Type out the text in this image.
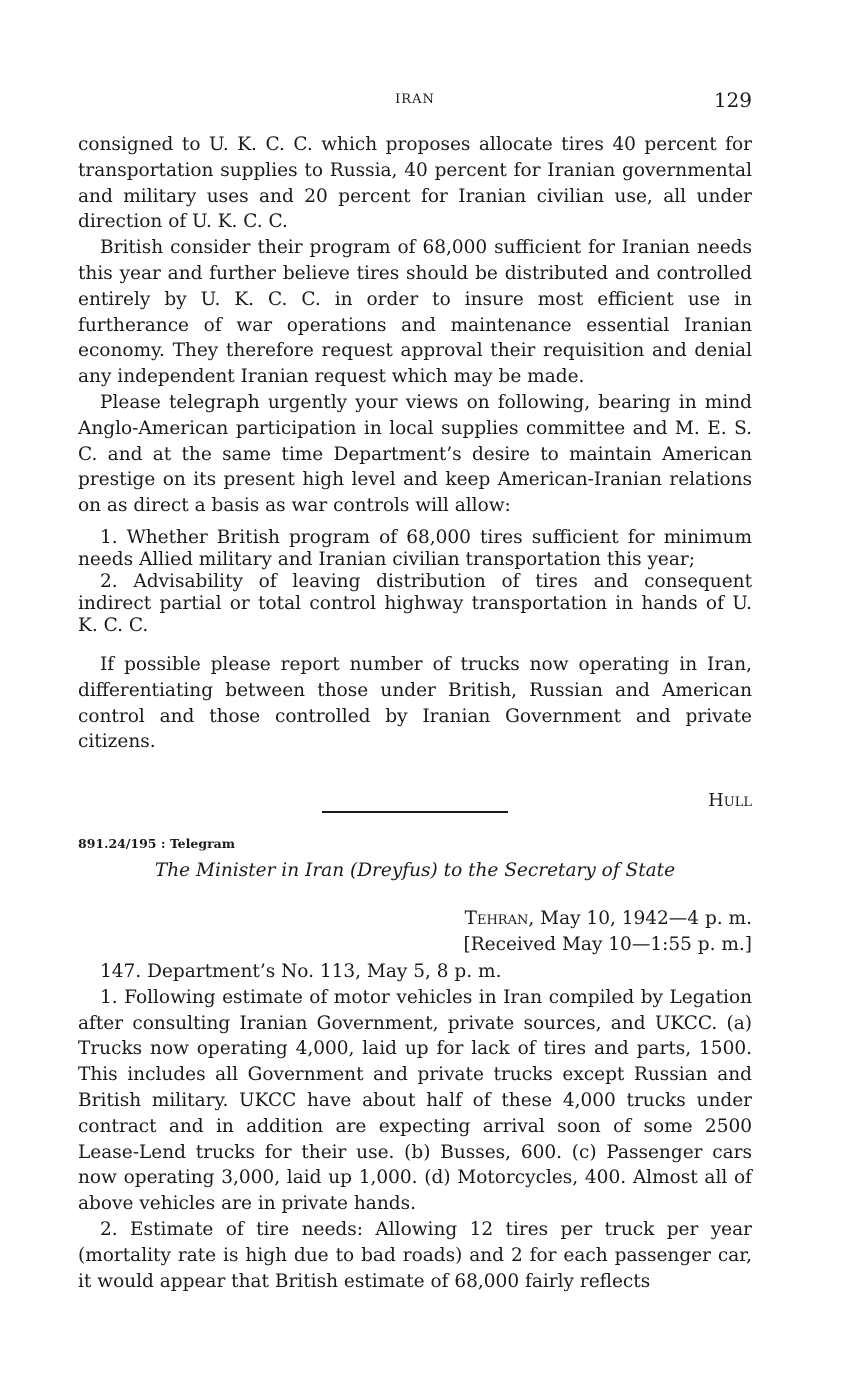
IRAN	129

consigned to U. K. C. C. which proposes allocate tires 40 percent for transportation supplies to Russia, 40 percent for Iranian governmental and military uses and 20 percent for Iranian civilian use, all under direction of U. K. C. C.

British consider their program of 68,000 sufficient for Iranian needs this year and further believe tires should be distributed and controlled entirely by U. K. C. C. in order to insure most efficient use in furtherance of war operations and maintenance essential Iranian economy. They therefore request approval their requisition and denial any independent Iranian request which may be made.

Please telegraph urgently your views on following, bearing in mind Anglo-American participation in local supplies committee and M. E. S. C. and at the same time Department’s desire to maintain American prestige on its present high level and keep American-Iranian relations on as direct a basis as war controls will allow:

1. Whether British program of 68,000 tires sufficient for minimum needs Allied military and Iranian civilian transportation this year;

2. Advisability of leaving distribution of tires and consequent indirect partial or total control highway transportation in hands of U. K. C. C.

If possible please report number of trucks now operating in Iran, differentiating between those under British, Russian and American control and those controlled by Iranian Government and private citizens.

Hull
891.24/195 : Telegram
The Minister in Iran (Dreyfus) to the Secretary of State
Tehran, May 10, 1942—4 p. m.
[Received May 10—1:55 p. m.]

147. Department’s No. 113, May 5, 8 p. m.

1. Following estimate of motor vehicles in Iran compiled by Legation after consulting Iranian Government, private sources, and UKCC. (a) Trucks now operating 4,000, laid up for lack of tires and parts, 1500. This includes all Government and private trucks except Russian and British military. UKCC have about half of these 4,000 trucks under contract and in addition are expecting arrival soon of some 2500 Lease-Lend trucks for their use. (b) Busses, 600. (c) Passenger cars now operating 3,000, laid up 1,000. (d) Motorcycles, 400. Almost all of above vehicles are in private hands.

2. Estimate of tire needs: Allowing 12 tires per truck per year (mortality rate is high due to bad roads) and 2 for each passenger car, it would appear that British estimate of 68,000 fairly reflects
